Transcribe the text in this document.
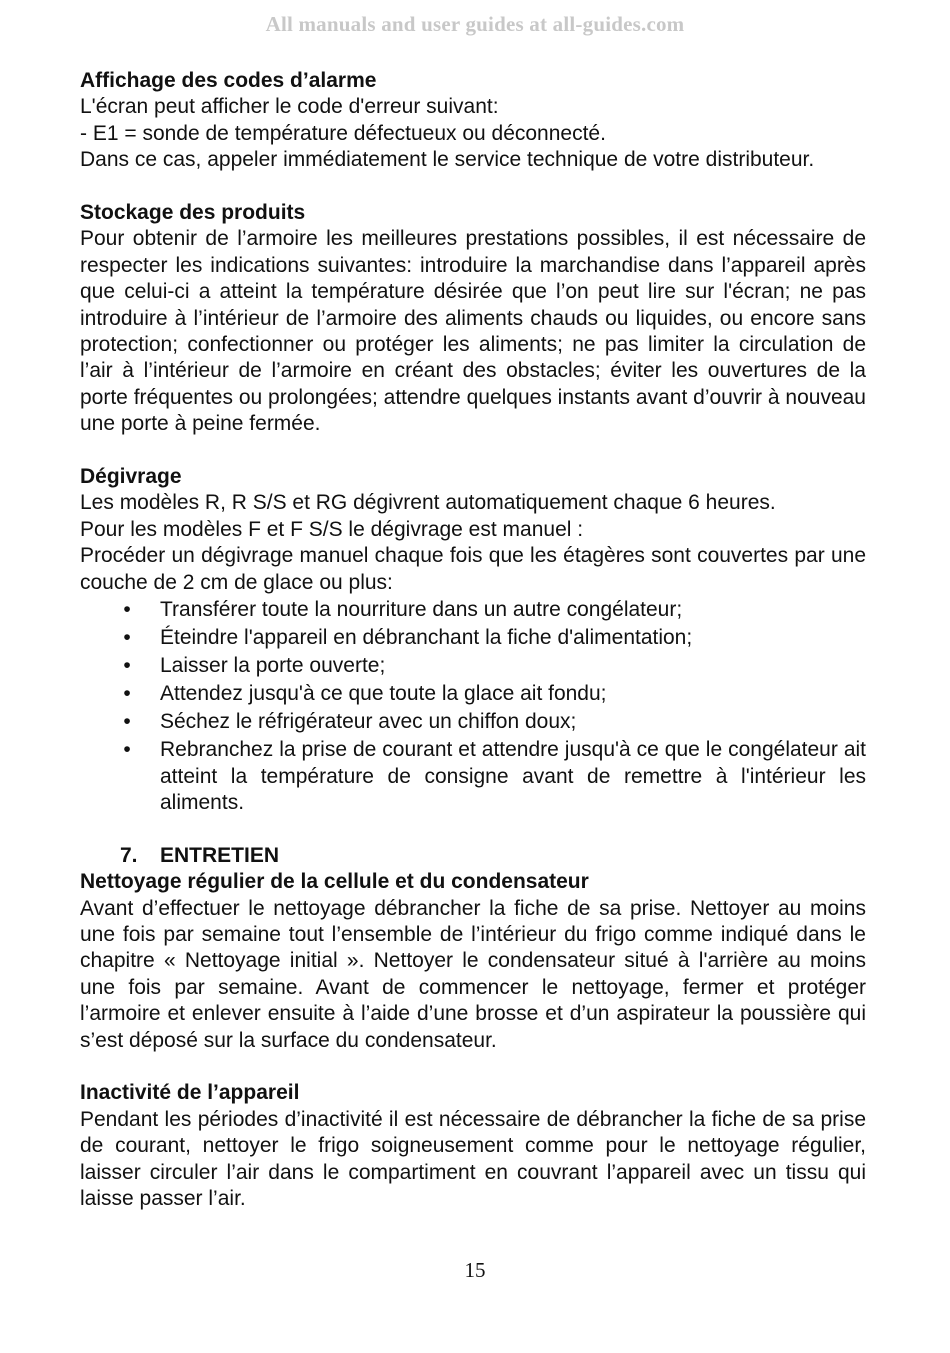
All manuals and user guides at all-guides.com

Affichage des codes d’alarme

L'écran peut afficher le code d'erreur suivant:

- E1 = sonde de température défectueux ou déconnecté.

Dans ce cas, appeler immédiatement le service technique de votre distributeur.

Stockage des produits

Pour obtenir de l’armoire les meilleures prestations possibles, il est nécessaire de respecter les indications suivantes: introduire la marchandise dans l’appareil après que celui-ci a atteint la température désirée que l’on peut lire sur l'écran; ne pas introduire à l’intérieur de l’armoire des aliments chauds ou liquides, ou encore sans protection; confectionner ou protéger les aliments; ne pas limiter la circulation de l’air à l’intérieur de l’armoire en créant des obstacles; éviter les ouvertures de la porte fréquentes ou prolongées; attendre quelques instants avant d’ouvrir à nouveau une porte à peine fermée.

Dégivrage

Les modèles R, R S/S et RG dégivrent automatiquement chaque 6 heures.

Pour les modèles F et F S/S le dégivrage est manuel :

Procéder un dégivrage manuel chaque fois que les étagères sont couvertes par une couche de 2 cm de glace ou plus:

• Transférer toute la nourriture dans un autre congélateur;
• Éteindre l'appareil en débranchant la fiche d'alimentation;
• Laisser la porte ouverte;
• Attendez jusqu'à ce que toute la glace ait fondu;
• Séchez le réfrigérateur avec un chiffon doux;
• Rebranchez la prise de courant et attendre jusqu'à ce que le congélateur ait atteint la température de consigne avant de remettre à l'intérieur les aliments.

7. ENTRETIEN

Nettoyage régulier de la cellule et du condensateur

Avant d’effectuer le nettoyage débrancher la fiche de sa prise. Nettoyer au moins une fois par semaine tout l’ensemble de l’intérieur du frigo comme indiqué dans le chapitre « Nettoyage initial ». Nettoyer le condensateur situé à l'arrière au moins une fois par semaine. Avant de commencer le nettoyage, fermer et protéger l’armoire et enlever ensuite à l’aide d’une brosse et d’un aspirateur la poussière qui s’est déposé sur la surface du condensateur.

Inactivité de l’appareil

Pendant les périodes d’inactivité il est nécessaire de débrancher la fiche de sa prise de courant, nettoyer le frigo soigneusement comme pour le nettoyage régulier, laisser circuler l’air dans le compartiment en couvrant l’appareil avec un tissu qui laisse passer l’air.

15
